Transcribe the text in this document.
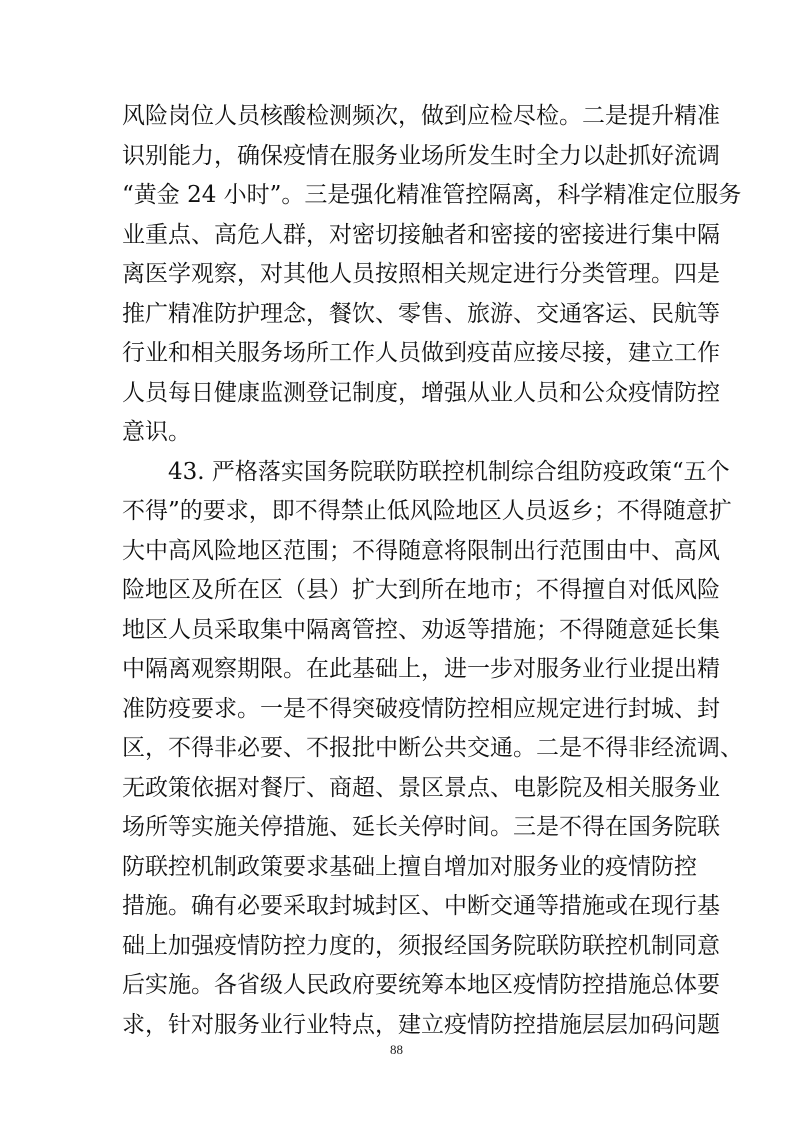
风险岗位人员核酸检测频次，做到应检尽检。二是提升精准
识别能力，确保疫情在服务业场所发生时全力以赴抓好流调
“黄金 24 小时”。三是强化精准管控隔离，科学精准定位服务
业重点、高危人群，对密切接触者和密接的密接进行集中隔
离医学观察，对其他人员按照相关规定进行分类管理。四是
推广精准防护理念，餐饮、零售、旅游、交通客运、民航等
行业和相关服务场所工作人员做到疫苗应接尽接，建立工作
人员每日健康监测登记制度，增强从业人员和公众疫情防控
意识。
43. 严格落实国务院联防联控机制综合组防疫政策“五个
不得”的要求，即不得禁止低风险地区人员返乡；不得随意扩
大中高风险地区范围；不得随意将限制出行范围由中、高风
险地区及所在区（县）扩大到所在地市；不得擅自对低风险
地区人员采取集中隔离管控、劝返等措施；不得随意延长集
中隔离观察期限。在此基础上，进一步对服务业行业提出精
准防疫要求。一是不得突破疫情防控相应规定进行封城、封
区，不得非必要、不报批中断公共交通。二是不得非经流调、
无政策依据对餐厅、商超、景区景点、电影院及相关服务业
场所等实施关停措施、延长关停时间。三是不得在国务院联
防联控机制政策要求基础上擅自增加对服务业的疫情防控
措施。确有必要采取封城封区、中断交通等措施或在现行基
础上加强疫情防控力度的，须报经国务院联防联控机制同意
88
后实施。各省级人民政府要统筹本地区疫情防控措施总体要
求，针对服务业行业特点，建立疫情防控措施层层加码问题
